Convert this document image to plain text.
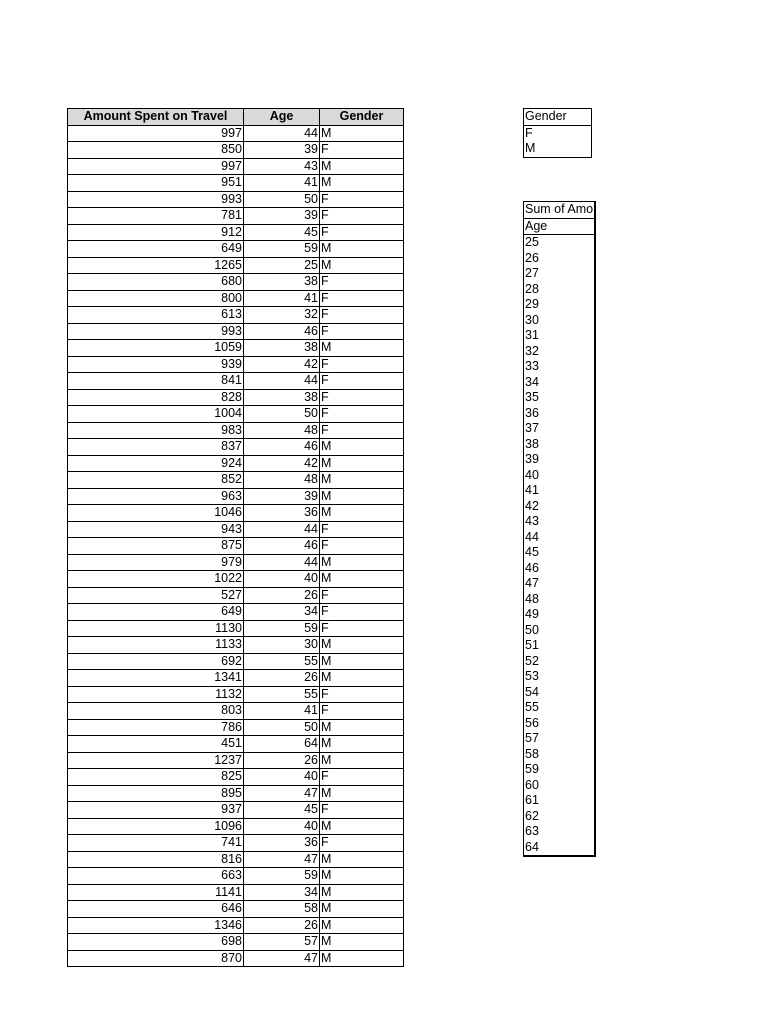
Amount Spent on Travel	Age	Gender
997	44	M
850	39	F
997	43	M
951	41	M
993	50	F
781	39	F
912	45	F
649	59	M
1265	25	M
680	38	F
800	41	F
613	32	F
993	46	F
1059	38	M
939	42	F
841	44	F
828	38	F
1004	50	F
983	48	F
837	46	M
924	42	M
852	48	M
963	39	M
1046	36	M
943	44	F
875	46	F
979	44	M
1022	40	M
527	26	F
649	34	F
1130	59	F
1133	30	M
692	55	M
1341	26	M
1132	55	F
803	41	F
786	50	M
451	64	M
1237	26	M
825	40	F
895	47	M
937	45	F
1096	40	M
741	36	F
816	47	M
663	59	M
1141	34	M
646	58	M
1346	26	M
698	57	M
870	47	M
Gender
F
M
Sum of Amo
Age
25
26
27
28
29
30
31
32
33
34
35
36
37
38
39
40
41
42
43
44
45
46
47
48
49
50
51
52
53
54
55
56
57
58
59
60
61
62
63
64
